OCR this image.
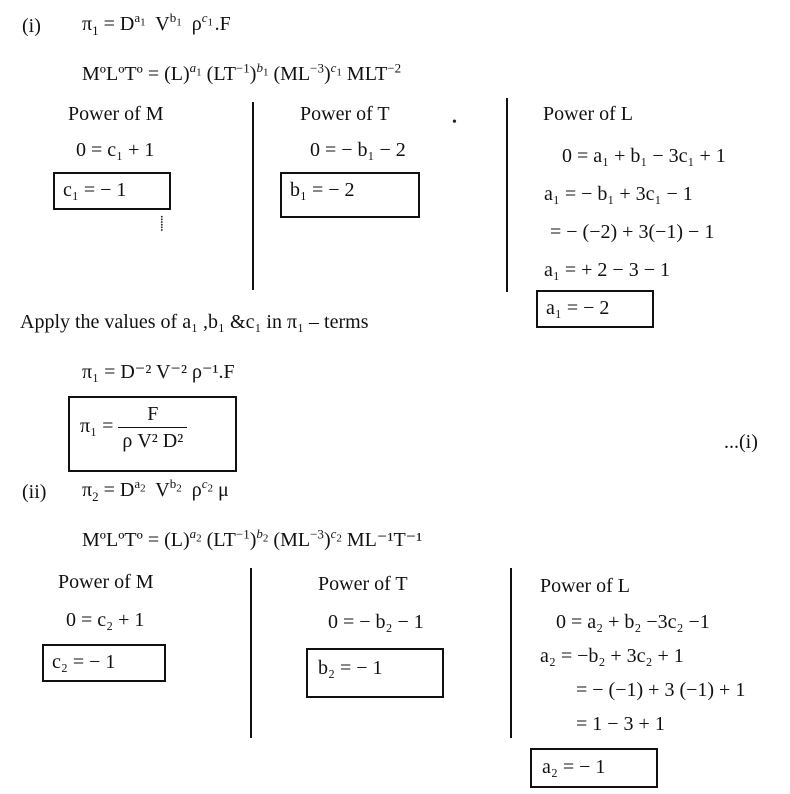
(i) $\pi_1 = D^{a_1}$  $V^{b_1}$  $\rho^{c_1}$ .F
MºLºTº = $(L)^{a_1}$ $(LT^{-1})^{b_1}$ $(ML^{-3})^{c_1}$ $MLT^{-2}$
Power of M
0 = c₁ + 1
c₁ = − 1
⸽
Power of T
0 = − b₁ − 2
b₁ = − 2
•	Power of L
0 = a₁ + b₁ − 3c₁ + 1
a₁ = − b₁ + 3c₁ − 1
= − (−2) + 3(−1) − 1
a₁ = + 2 − 3 − 1
a₁ = − 2
Apply the values of a₁ ,b₁ &c₁ in π₁ – terms
π₁ = D⁻² V⁻² ρ⁻¹.F
$\pi_1 = \frac{F}{\text{ρ V² D²}}$	...(i)
(ii) $\pi_2 = D^{a_2}$  $V^{b_2}$  $\rho^{c_2}$ μ
MºLºTº = $(L)^{a_2}$ $(LT^{-1})^{b_2}$ $(ML^{-3})^{c_2}$ ML⁻¹T⁻¹
Power of M
0 = c₂ + 1
c₂ = − 1
Power of T
0 = − b₂ − 1
b₂ = − 1
Power of L
0 = a₂ + b₂ −3c₂ −1
a₂ = −b₂ + 3c₂ + 1
= − (−1) + 3 (−1) + 1
= 1 − 3 + 1
a₂ = − 1
